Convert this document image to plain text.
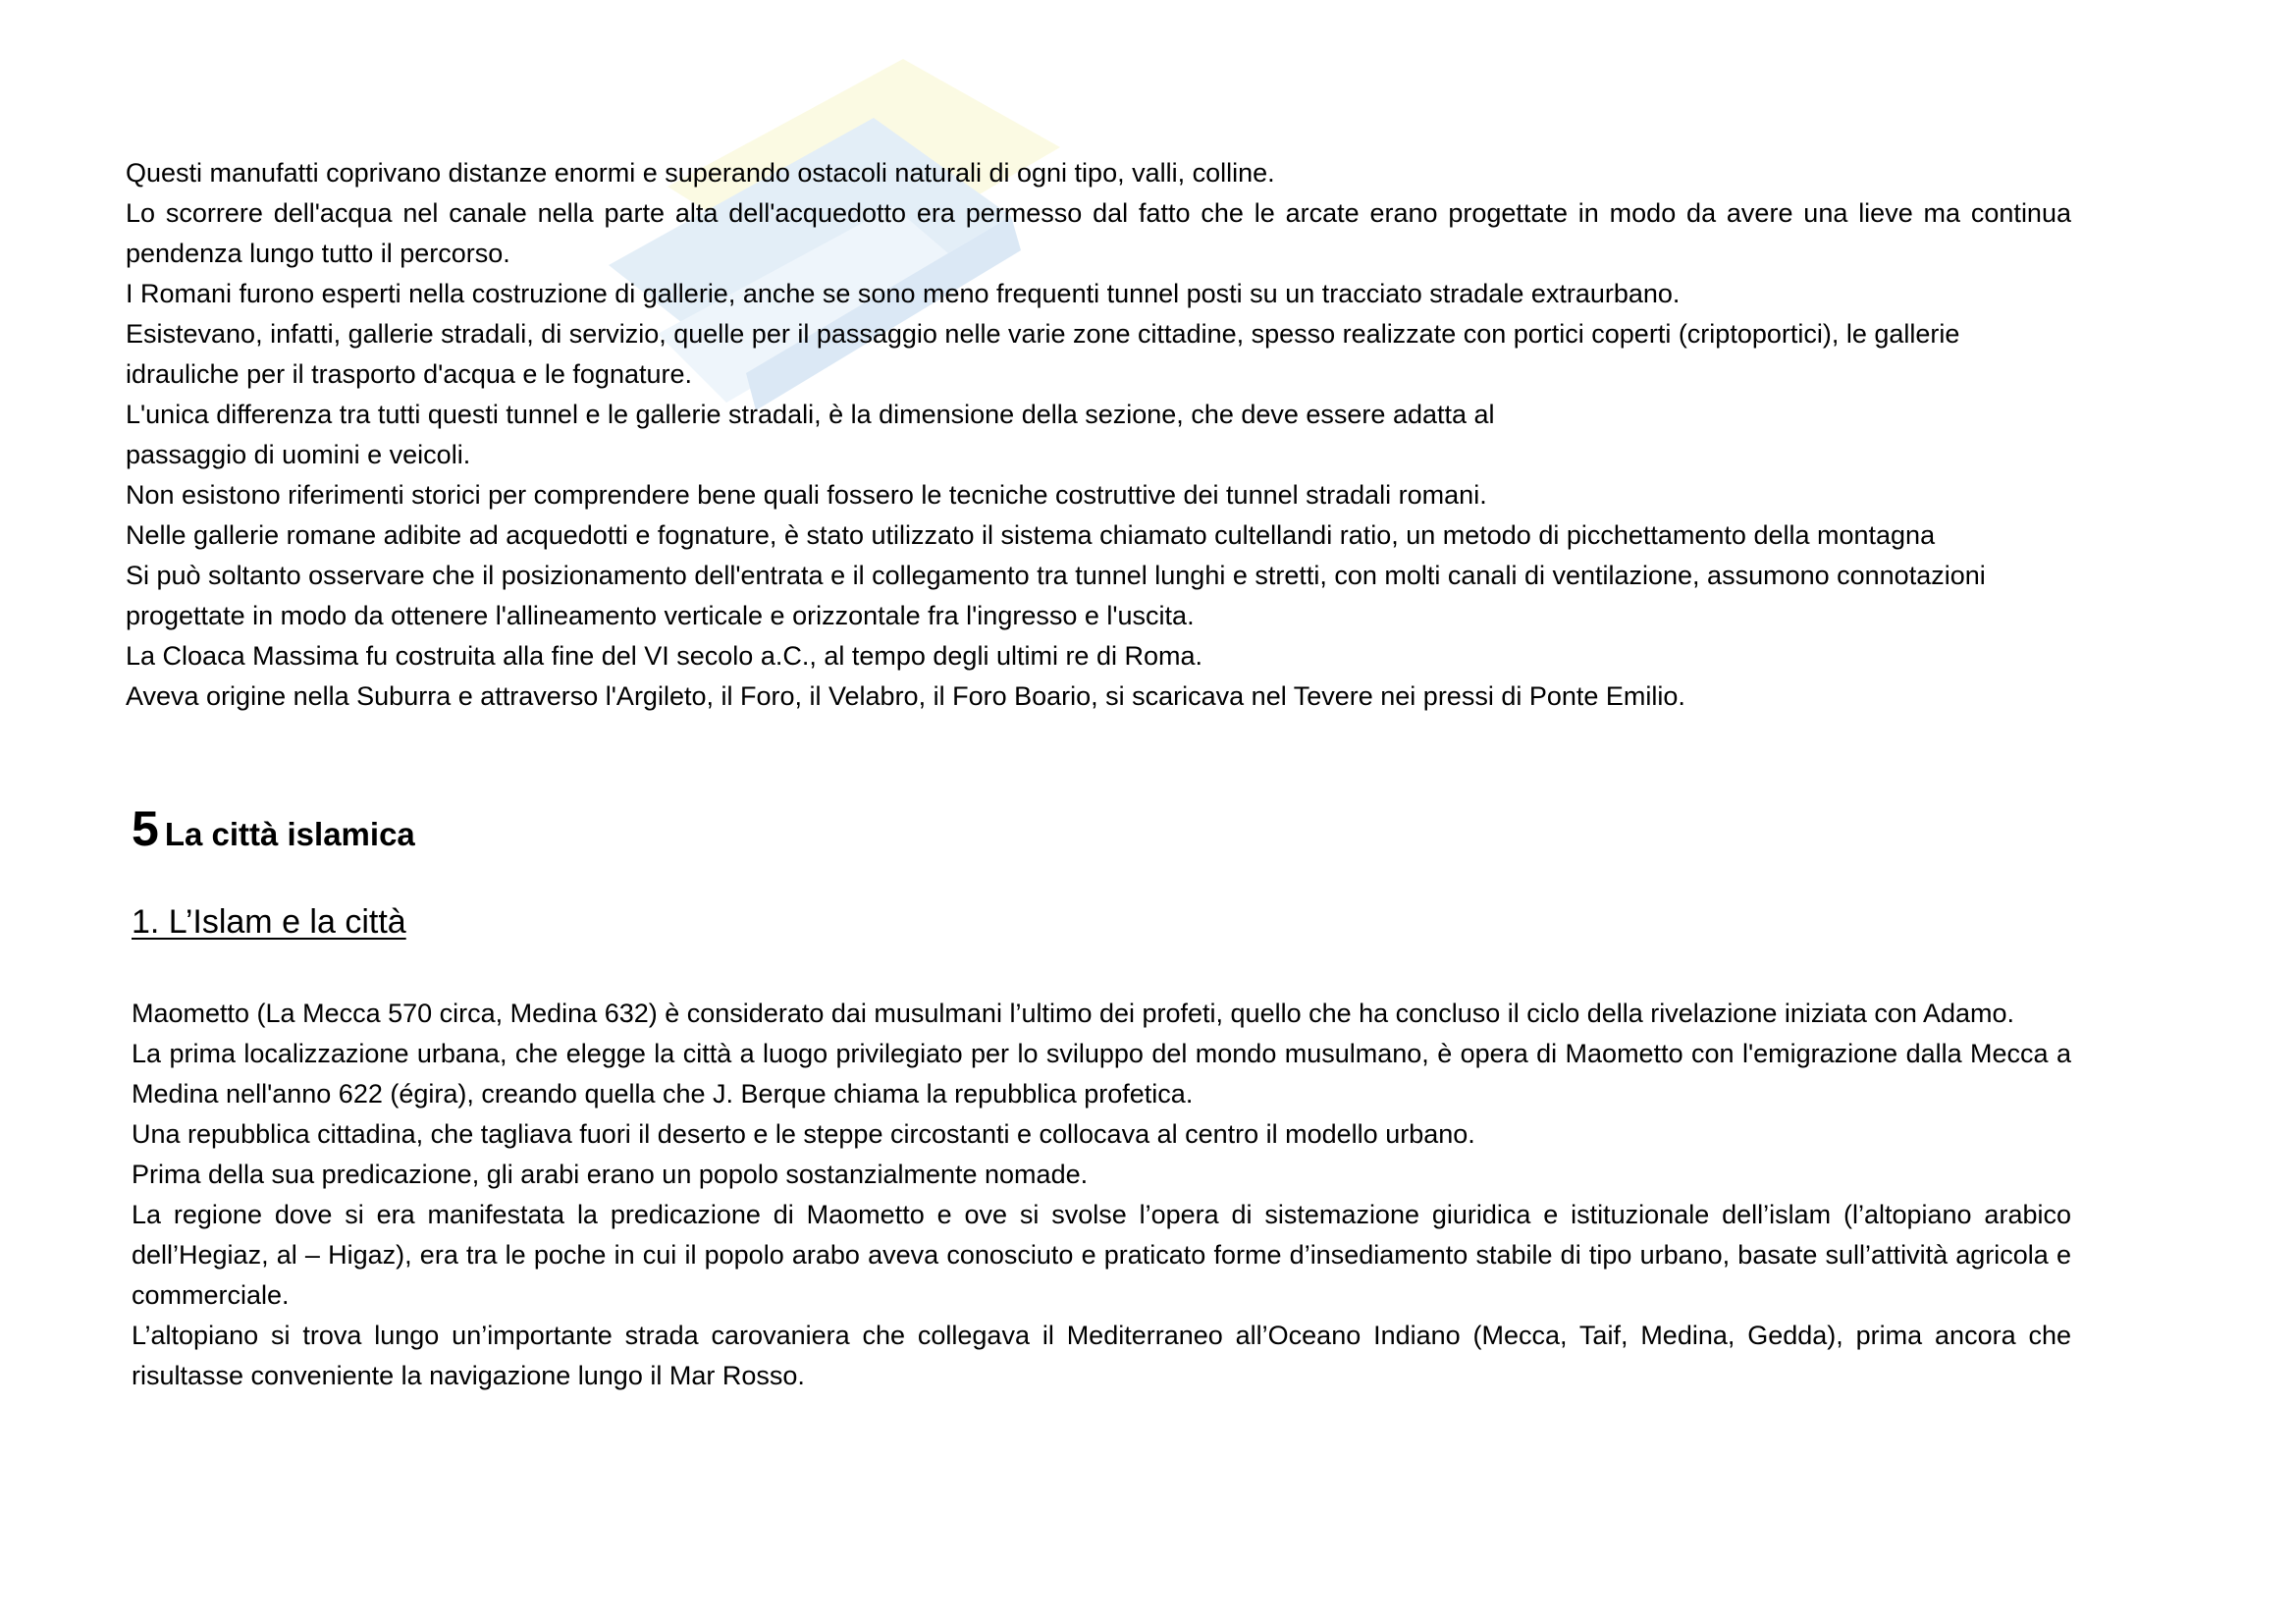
Questi manufatti coprivano distanze enormi e superando ostacoli naturali di ogni tipo, valli, colline.

Lo scorrere dell'acqua nel canale nella parte alta dell'acquedotto era permesso dal fatto che le arcate erano progettate in modo da avere una lieve ma continua pendenza lungo tutto il percorso.

I Romani furono esperti nella costruzione di gallerie, anche se sono meno frequenti tunnel posti su un tracciato stradale extraurbano.

Esistevano, infatti, gallerie stradali, di servizio, quelle per il passaggio nelle varie zone cittadine, spesso realizzate con portici coperti (criptoportici), le gallerie idrauliche per il trasporto d'acqua e le fognature.

L'unica differenza tra tutti questi tunnel e le gallerie stradali, è la dimensione della sezione, che deve essere adatta al

passaggio di uomini e veicoli.

Non esistono riferimenti storici per comprendere bene quali fossero le tecniche costruttive dei tunnel stradali romani.

Nelle gallerie romane adibite ad acquedotti e fognature, è stato utilizzato il sistema chiamato cultellandi ratio, un metodo di picchettamento della montagna

Si può soltanto osservare che il posizionamento dell'entrata e il collegamento tra tunnel lunghi e stretti, con molti canali di ventilazione, assumono connotazioni progettate in modo da ottenere l'allineamento verticale e orizzontale fra l'ingresso e l'uscita.

La Cloaca Massima fu costruita alla fine del VI secolo a.C., al tempo degli ultimi re di Roma.

Aveva origine nella Suburra e attraverso l'Argileto, il Foro, il Velabro, il Foro Boario, si scaricava nel Tevere nei pressi di Ponte Emilio.

5 La città islamica
1. L’Islam e la città

Maometto (La Mecca 570 circa, Medina 632) è considerato dai musulmani l’ultimo dei profeti, quello che ha concluso il ciclo della rivelazione iniziata con Adamo.

La prima localizzazione urbana, che elegge la città a luogo privilegiato per lo sviluppo del mondo musulmano, è opera di Maometto con l'emigrazione dalla Mecca a Medina nell'anno 622 (égira), creando quella che J. Berque chiama la repubblica profetica.

Una repubblica cittadina, che tagliava fuori il deserto e le steppe circostanti e collocava al centro il modello urbano.

Prima della sua predicazione, gli arabi erano un popolo sostanzialmente nomade.

La regione dove si era manifestata la predicazione di Maometto e ove si svolse l’opera di sistemazione giuridica e istituzionale dell’islam (l’altopiano arabico dell’Hegiaz, al – Higaz), era tra le poche in cui il popolo arabo aveva conosciuto e praticato forme d’insediamento stabile di tipo urbano, basate sull’attività agricola e commerciale.

L’altopiano si trova lungo un’importante strada carovaniera che collegava il Mediterraneo all’Oceano Indiano (Mecca, Taif, Medina, Gedda), prima ancora che risultasse conveniente la navigazione lungo il Mar Rosso.
